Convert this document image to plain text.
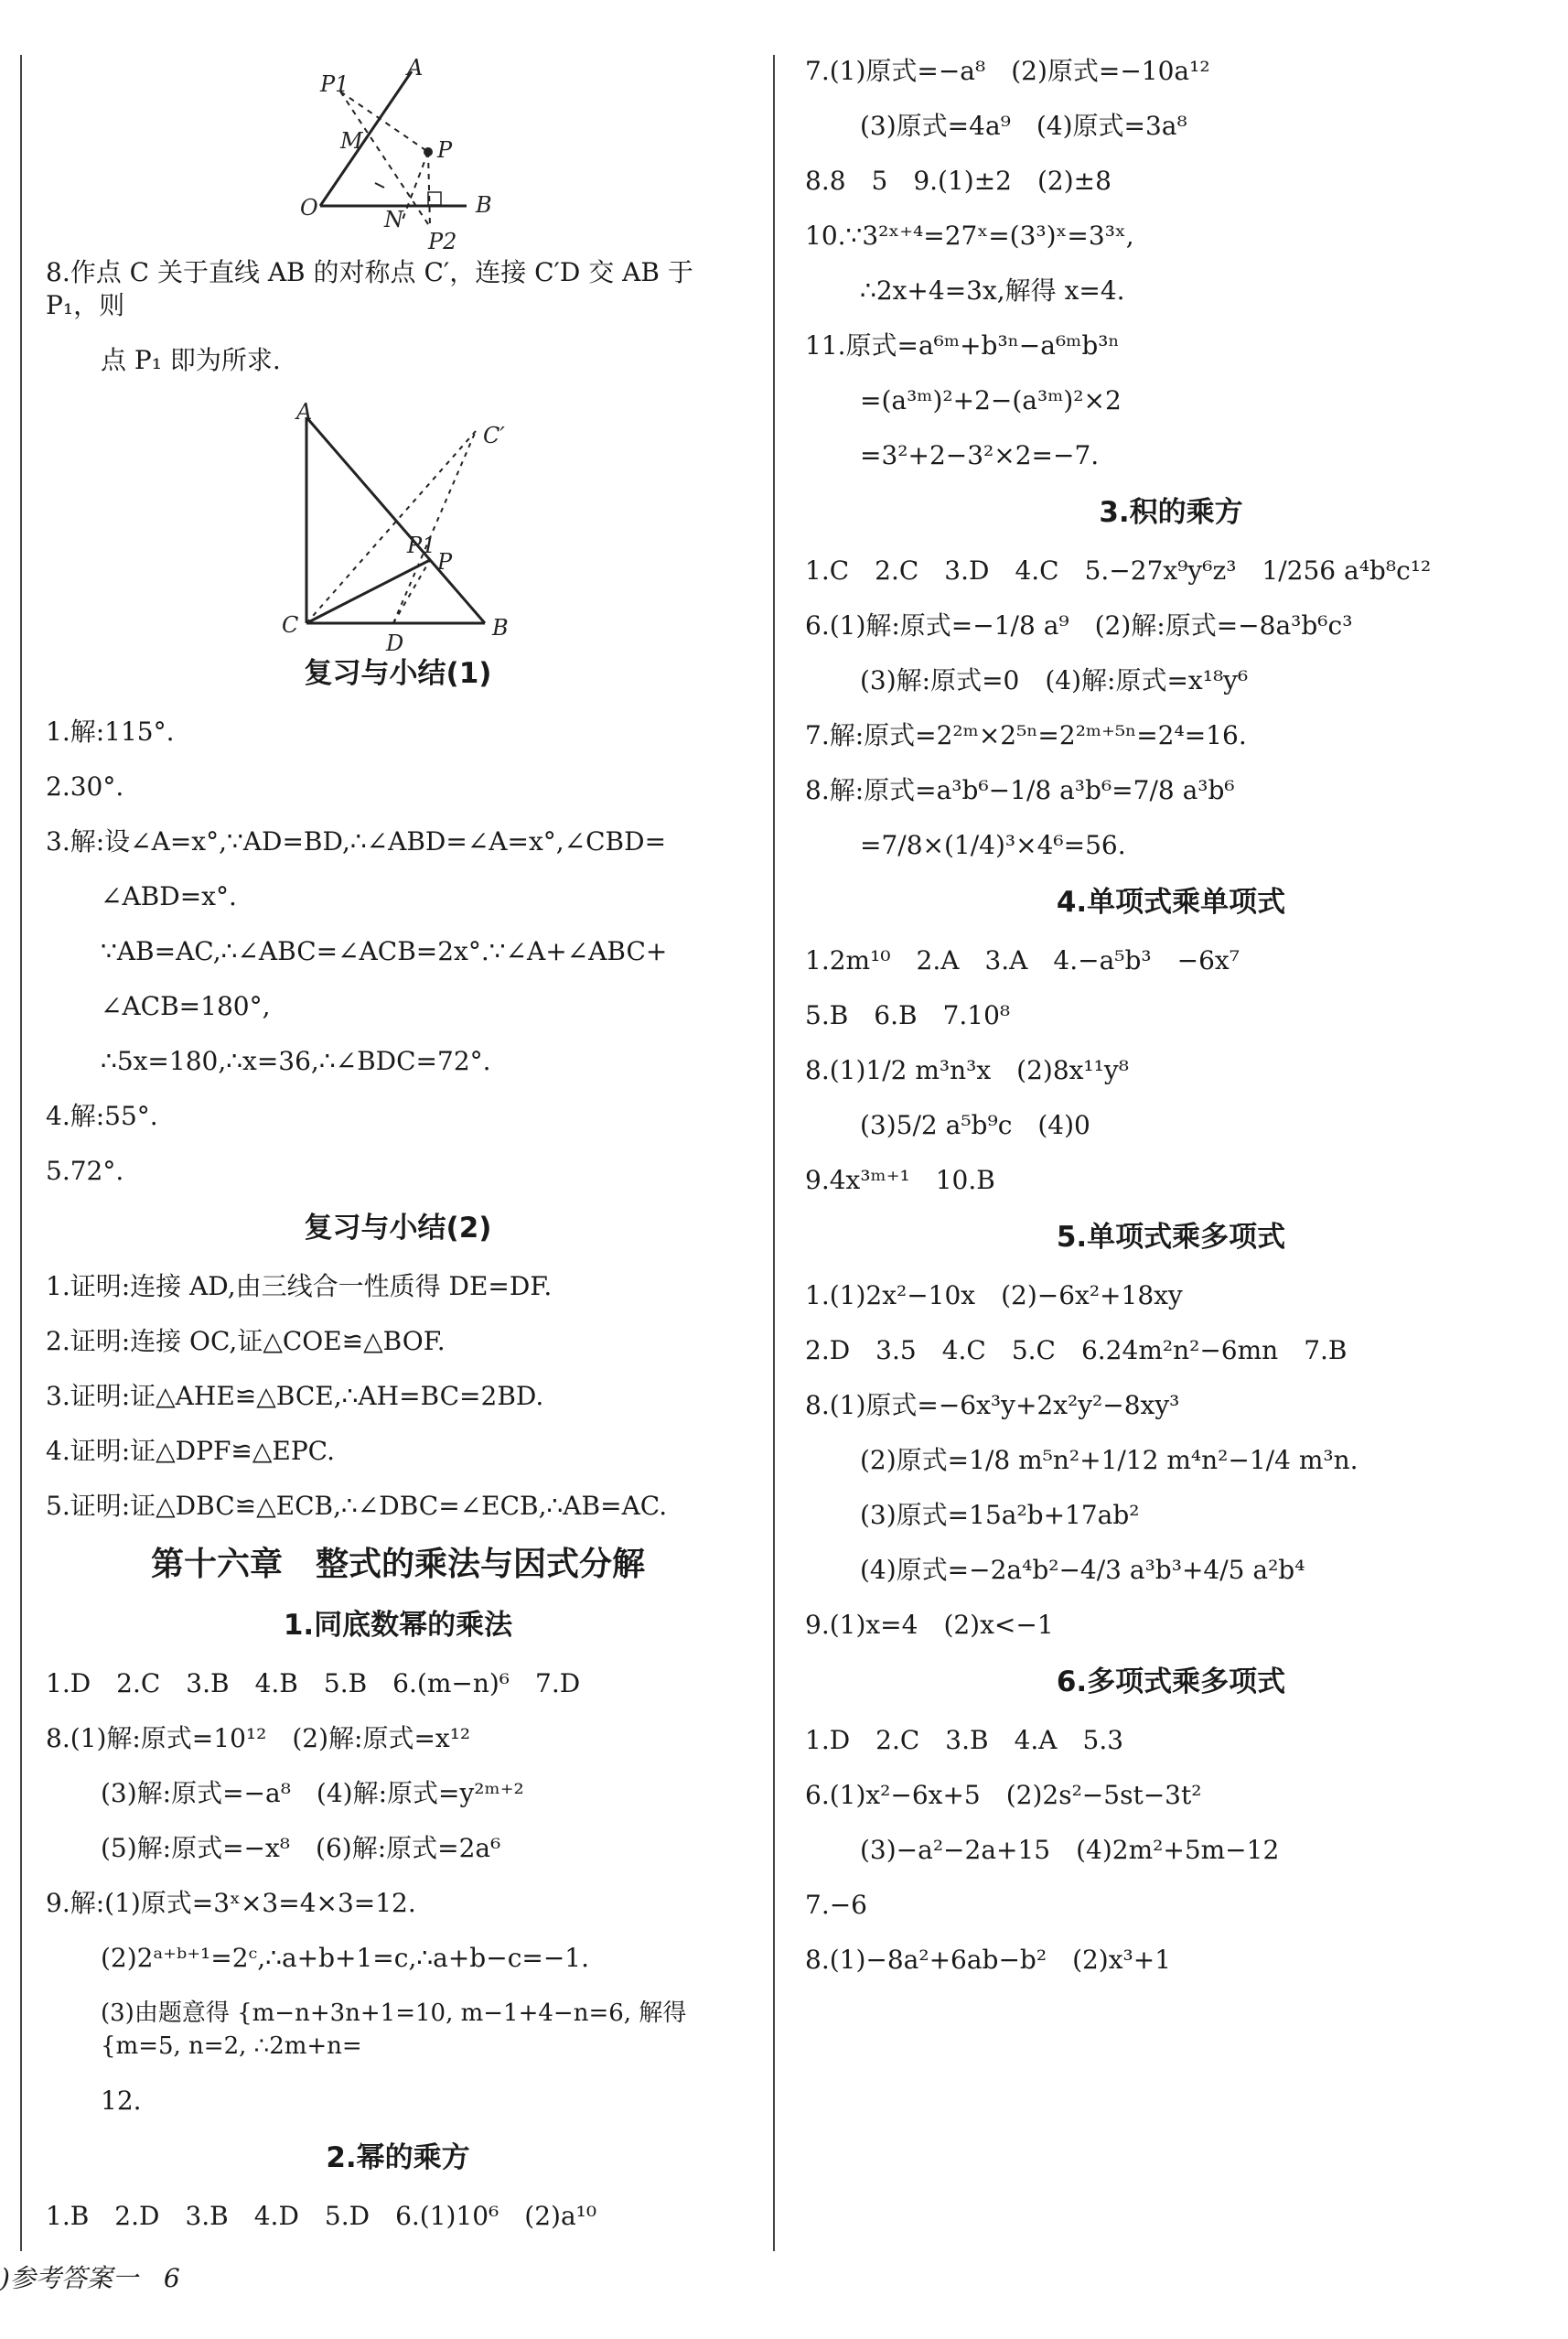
P1
A
M	P
O	N
B
P2
8.作点 C 关于直线 AB 的对称点 C′，连接 C′D 交 AB 于 P₁，则
点 P₁ 即为所求.
A
C′
P1
P
C
D
B
复习与小结(1)
1.解:115°.
2.30°.
3.解:设∠A=x°,∵AD=BD,∴∠ABD=∠A=x°,∠CBD=
∠ABD=x°.
∵AB=AC,∴∠ABC=∠ACB=2x°.∵∠A+∠ABC+
∠ACB=180°,
∴5x=180,∴x=36,∴∠BDC=72°.
4.解:55°.
5.72°.
复习与小结(2)
1.证明:连接 AD,由三线合一性质得 DE=DF.
2.证明:连接 OC,证△COE≌△BOF.
3.证明:证△AHE≌△BCE,∴AH=BC=2BD.
4.证明:证△DPF≌△EPC.
5.证明:证△DBC≌△ECB,∴∠DBC=∠ECB,∴AB=AC.
第十六章　整式的乘法与因式分解
1.同底数幂的乘法
1.D　2.C　3.B　4.B　5.B　6.(m−n)⁶　7.D
8.(1)解:原式=10¹²　(2)解:原式=x¹²
(3)解:原式=−a⁸　(4)解:原式=y²ᵐ⁺²
(5)解:原式=−x⁸　(6)解:原式=2a⁶
9.解:(1)原式=3ˣ×3=4×3=12.
(2)2ᵃ⁺ᵇ⁺¹=2ᶜ,∴a+b+1=c,∴a+b−c=−1.
(3)由题意得 {m−n+3n+1=10, m−1+4−n=6, 解得 {m=5, n=2, ∴2m+n=
12.
2.幂的乘方
1.B　2.D　3.B　4.D　5.D　6.(1)10⁶　(2)a¹⁰
7.(1)原式=−a⁸　(2)原式=−10a¹²
(3)原式=4a⁹　(4)原式=3a⁸
8.8　5　9.(1)±2　(2)±8
10.∵3²ˣ⁺⁴=27ˣ=(3³)ˣ=3³ˣ,
∴2x+4=3x,解得 x=4.
11.原式=a⁶ᵐ+b³ⁿ−a⁶ᵐb³ⁿ
=(a³ᵐ)²+2−(a³ᵐ)²×2
=3²+2−3²×2=−7.
3.积的乘方
1.C　2.C　3.D　4.C　5.−27x⁹y⁶z³　1/256 a⁴b⁸c¹²
6.(1)解:原式=−1/8 a⁹　(2)解:原式=−8a³b⁶c³
(3)解:原式=0　(4)解:原式=x¹⁸y⁶
7.解:原式=2²ᵐ×2⁵ⁿ=2²ᵐ⁺⁵ⁿ=2⁴=16.
8.解:原式=a³b⁶−1/8 a³b⁶=7/8 a³b⁶
=7/8×(1/4)³×4⁶=56.
4.单项式乘单项式
1.2m¹⁰　2.A　3.A　4.−a⁵b³　−6x⁷
5.B　6.B　7.10⁸
8.(1)1/2 m³n³x　(2)8x¹¹y⁸
(3)5/2 a⁵b⁹c　(4)0
9.4x³ᵐ⁺¹　10.B
5.单项式乘多项式
1.(1)2x²−10x　(2)−6x²+18xy
2.D　3.5　4.C　5.C　6.24m²n²−6mn　7.B
8.(1)原式=−6x³y+2x²y²−8xy³
(2)原式=1/8 m⁵n²+1/12 m⁴n²−1/4 m³n.
(3)原式=15a²b+17ab²
(4)原式=−2a⁴b²−4/3 a³b³+4/5 a²b⁴
9.(1)x=4　(2)x<−1
6.多项式乘多项式
1.D　2.C　3.B　4.A　5.3
6.(1)x²−6x+5　(2)2s²−5st−3t²
(3)−a²−2a+15　(4)2m²+5m−12
7.−6
8.(1)−8a²+6ab−b²　(2)x³+1
)参考答案一　6
